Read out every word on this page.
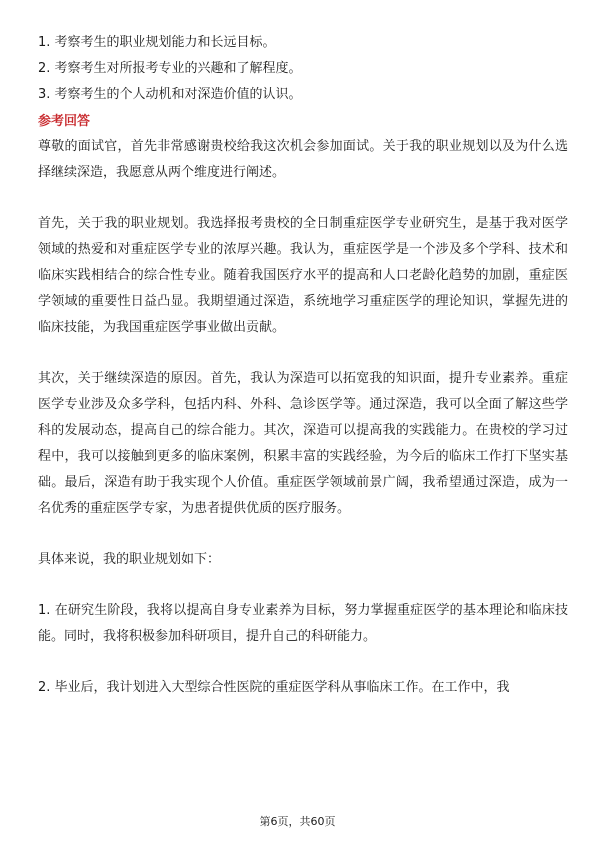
1. 考察考生的职业规划能力和长远目标。

2. 考察考生对所报考专业的兴趣和了解程度。

3. 考察考生的个人动机和对深造价值的认识。

参考回答

尊敬的面试官，首先非常感谢贵校给我这次机会参加面试。关于我的职业规划以及为什么选择继续深造，我愿意从两个维度进行阐述。

首先，关于我的职业规划。我选择报考贵校的全日制重症医学专业研究生，是基于我对医学领域的热爱和对重症医学专业的浓厚兴趣。我认为，重症医学是一个涉及多个学科、技术和临床实践相结合的综合性专业。随着我国医疗水平的提高和人口老龄化趋势的加剧，重症医学领域的重要性日益凸显。我期望通过深造，系统地学习重症医学的理论知识，掌握先进的临床技能，为我国重症医学事业做出贡献。

其次，关于继续深造的原因。首先，我认为深造可以拓宽我的知识面，提升专业素养。重症医学专业涉及众多学科，包括内科、外科、急诊医学等。通过深造，我可以全面了解这些学科的发展动态，提高自己的综合能力。其次，深造可以提高我的实践能力。在贵校的学习过程中，我可以接触到更多的临床案例，积累丰富的实践经验，为今后的临床工作打下坚实基础。最后，深造有助于我实现个人价值。重症医学领域前景广阔，我希望通过深造，成为一名优秀的重症医学专家，为患者提供优质的医疗服务。

具体来说，我的职业规划如下：

1. 在研究生阶段，我将以提高自身专业素养为目标，努力掌握重症医学的基本理论和临床技能。同时，我将积极参加科研项目，提升自己的科研能力。

2. 毕业后，我计划进入大型综合性医院的重症医学科从事临床工作。在工作中，我

第6页，共60页
